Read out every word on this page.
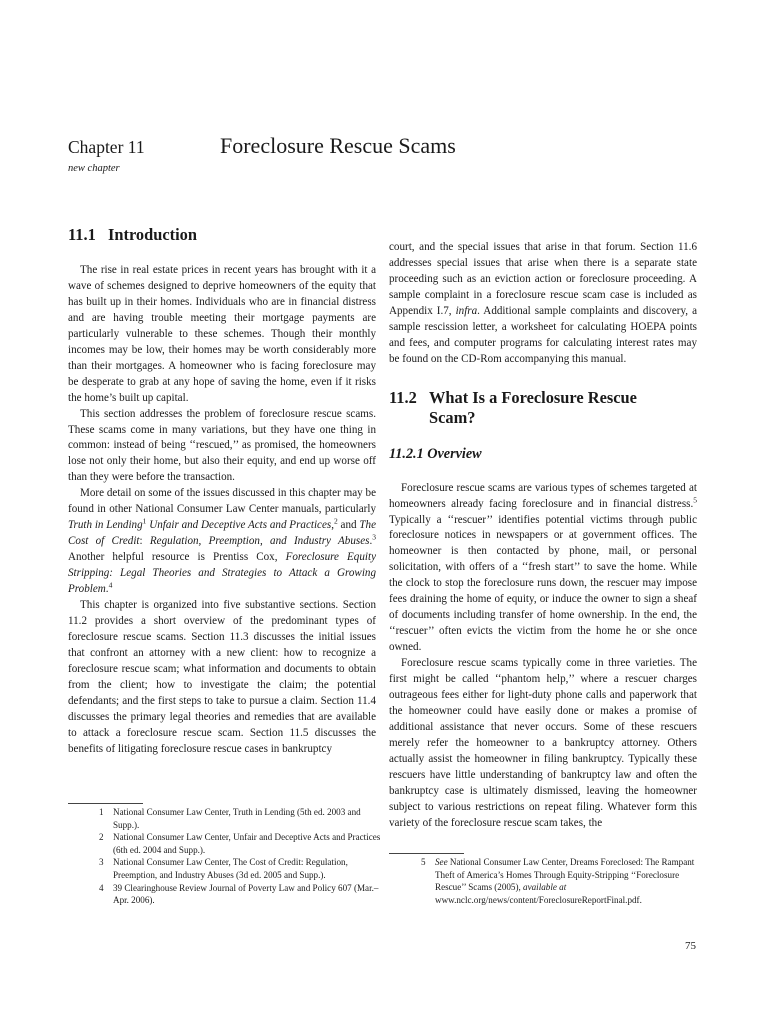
Chapter 11	Foreclosure Rescue Scams
new chapter
11.1 Introduction

The rise in real estate prices in recent years has brought with it a wave of schemes designed to deprive homeowners of the equity that has built up in their homes. Individuals who are in financial distress and are having trouble meeting their mortgage payments are particularly vulnerable to these schemes. Though their monthly incomes may be low, their homes may be worth considerably more than their mortgages. A homeowner who is facing foreclosure may be desperate to grab at any hope of saving the home, even if it risks the home’s built up capital.

This section addresses the problem of foreclosure rescue scams. These scams come in many variations, but they have one thing in common: instead of being ‘‘rescued,’’ as promised, the homeowners lose not only their home, but also their equity, and end up worse off than they were before the transaction.

More detail on some of the issues discussed in this chapter may be found in other National Consumer Law Center manuals, particularly Truth in Lending$^1$ Unfair and Deceptive Acts and Practices,$^2$ and The Cost of Credit: Regulation, Preemption, and Industry Abuses.$^3$ Another helpful resource is Prentiss Cox, Foreclosure Equity Stripping: Legal Theories and Strategies to Attack a Growing Problem.$^4$

This chapter is organized into five substantive sections. Section 11.2 provides a short overview of the predominant types of foreclosure rescue scams. Section 11.3 discusses the initial issues that confront an attorney with a new client: how to recognize a foreclosure rescue scam; what information and documents to obtain from the client; how to investigate the claim; the potential defendants; and the first steps to take to pursue a claim. Section 11.4 discusses the primary legal theories and remedies that are available to attack a foreclosure rescue scam. Section 11.5 discusses the benefits of litigating foreclosure rescue cases in bankruptcy

court, and the special issues that arise in that forum. Section 11.6 addresses special issues that arise when there is a separate state proceeding such as an eviction action or foreclosure proceeding. A sample complaint in a foreclosure rescue scam case is included as Appendix I.7, infra. Additional sample complaints and discovery, a sample rescission letter, a worksheet for calculating HOEPA points and fees, and computer programs for calculating interest rates may be found on the CD-Rom accompanying this manual.

11.2 What Is a Foreclosure Rescue
Scam?
11.2.1 Overview

Foreclosure rescue scams are various types of schemes targeted at homeowners already facing foreclosure and in financial distress.$^5$ Typically a ‘‘rescuer’’ identifies potential victims through public foreclosure notices in newspapers or at government offices. The homeowner is then contacted by phone, mail, or personal solicitation, with offers of a ‘‘fresh start’’ to save the home. While the clock to stop the foreclosure runs down, the rescuer may impose fees draining the home of equity, or induce the owner to sign a sheaf of documents including transfer of home ownership. In the end, the ‘‘rescuer’’ often evicts the victim from the home he or she once owned.

Foreclosure rescue scams typically come in three varieties. The first might be called ‘‘phantom help,’’ where a rescuer charges outrageous fees either for light-duty phone calls and paperwork that the homeowner could have easily done or makes a promise of additional assistance that never occurs. Some of these rescuers merely refer the homeowner to a bankruptcy attorney. Others actually assist the homeowner in filing bankruptcy. Typically these rescuers have little understanding of bankruptcy law and often the bankruptcy case is ultimately dismissed, leaving the homeowner subject to various restrictions on repeat filing. Whatever form this variety of the foreclosure rescue scam takes, the

1	National Consumer Law Center, Truth in Lending (5th ed. 2003 and Supp.).
2	National Consumer Law Center, Unfair and Deceptive Acts and Practices (6th ed. 2004 and Supp.).
3	National Consumer Law Center, The Cost of Credit: Regulation, Preemption, and Industry Abuses (3d ed. 2005 and Supp.).
4	39 Clearinghouse Review Journal of Poverty Law and Policy 607 (Mar.–Apr. 2006).
5	See National Consumer Law Center, Dreams Foreclosed: The Rampant Theft of America’s Homes Through Equity-Stripping ‘‘Foreclosure Rescue’’ Scams (2005), available at www.nclc.org/news/content/ForeclosureReportFinal.pdf.
75
